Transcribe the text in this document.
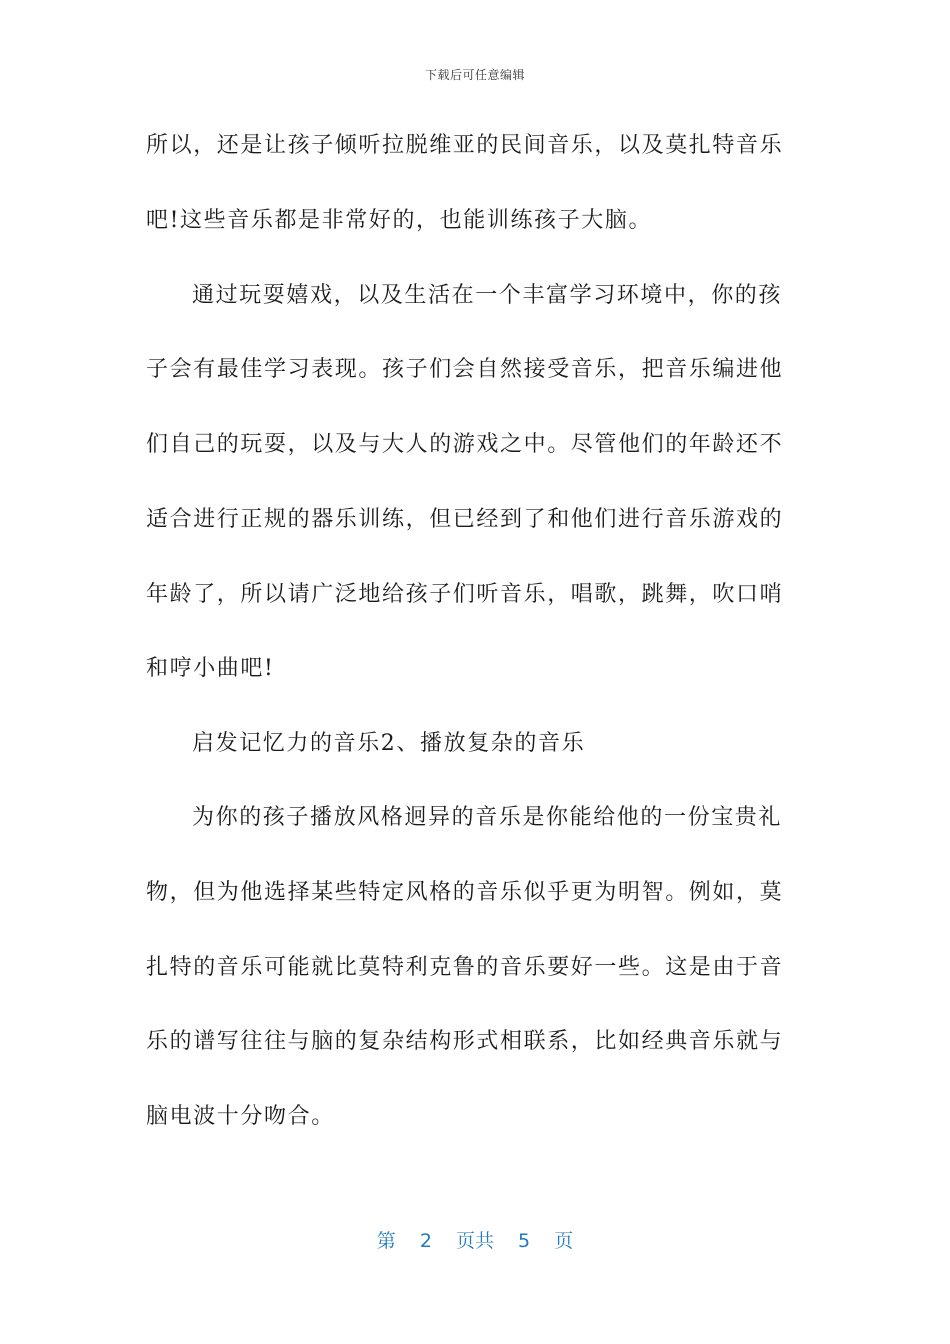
下载后可任意编辑
所以，还是让孩子倾听拉脱维亚的民间音乐，以及莫扎特音乐
吧!这些音乐都是非常好的，也能训练孩子大脑。
通过玩耍嬉戏，以及生活在一个丰富学习环境中，你的孩
子会有最佳学习表现。孩子们会自然接受音乐，把音乐编进他
们自己的玩耍，以及与大人的游戏之中。尽管他们的年龄还不
适合进行正规的器乐训练，但已经到了和他们进行音乐游戏的
年龄了，所以请广泛地给孩子们听音乐，唱歌，跳舞，吹口哨
和哼小曲吧!
启发记忆力的音乐2、播放复杂的音乐
为你的孩子播放风格迥异的音乐是你能给他的一份宝贵礼
物，但为他选择某些特定风格的音乐似乎更为明智。例如，莫
扎特的音乐可能就比莫特利克鲁的音乐要好一些。这是由于音
乐的谱写往往与脑的复杂结构形式相联系，比如经典音乐就与
脑电波十分吻合。
第 2 页共 5 页
